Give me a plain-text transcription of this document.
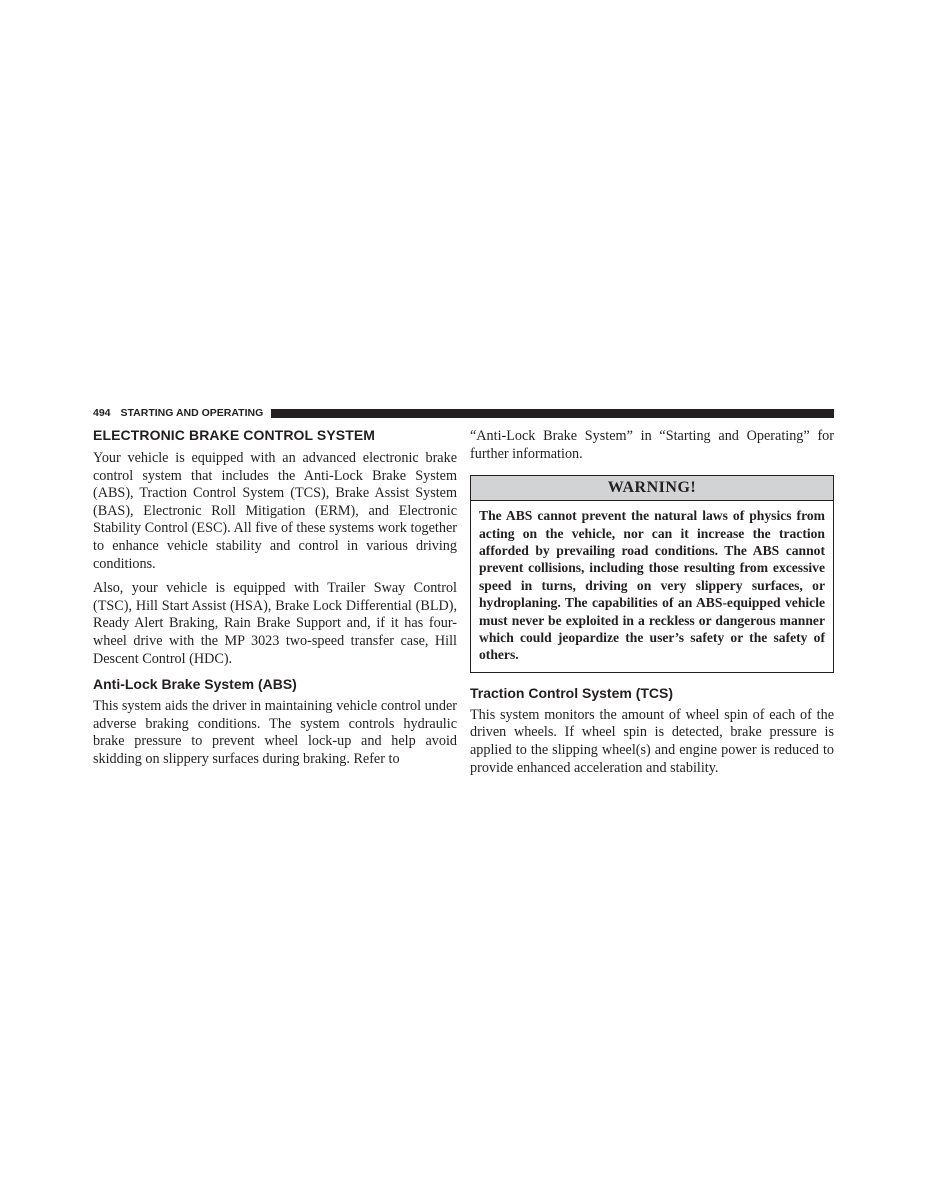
494 STARTING AND OPERATING
ELECTRONIC BRAKE CONTROL SYSTEM

Your vehicle is equipped with an advanced electronic brake control system that includes the Anti-Lock Brake System (ABS), Traction Control System (TCS), Brake Assist System (BAS), Electronic Roll Mitigation (ERM), and Electronic Stability Control (ESC). All five of these systems work together to enhance vehicle stability and control in various driving conditions.

Also, your vehicle is equipped with Trailer Sway Control (TSC), Hill Start Assist (HSA), Brake Lock Differential (BLD), Ready Alert Braking, Rain Brake Support and, if it has four-wheel drive with the MP 3023 two-speed transfer case, Hill Descent Control (HDC).

Anti-Lock Brake System (ABS)

This system aids the driver in maintaining vehicle control under adverse braking conditions. The system controls hydraulic brake pressure to prevent wheel lock-up and help avoid skidding on slippery surfaces during braking. Refer to

“Anti-Lock Brake System” in “Starting and Operating” for further information.

WARNING!
The ABS cannot prevent the natural laws of physics from acting on the vehicle, nor can it increase the traction afforded by prevailing road conditions. The ABS cannot prevent collisions, including those resulting from excessive speed in turns, driving on very slippery surfaces, or hydroplaning. The capabilities of an ABS-equipped vehicle must never be exploited in a reckless or dangerous manner which could jeopardize the user’s safety or the safety of others.
Traction Control System (TCS)

This system monitors the amount of wheel spin of each of the driven wheels. If wheel spin is detected, brake pressure is applied to the slipping wheel(s) and engine power is reduced to provide enhanced acceleration and stability.
